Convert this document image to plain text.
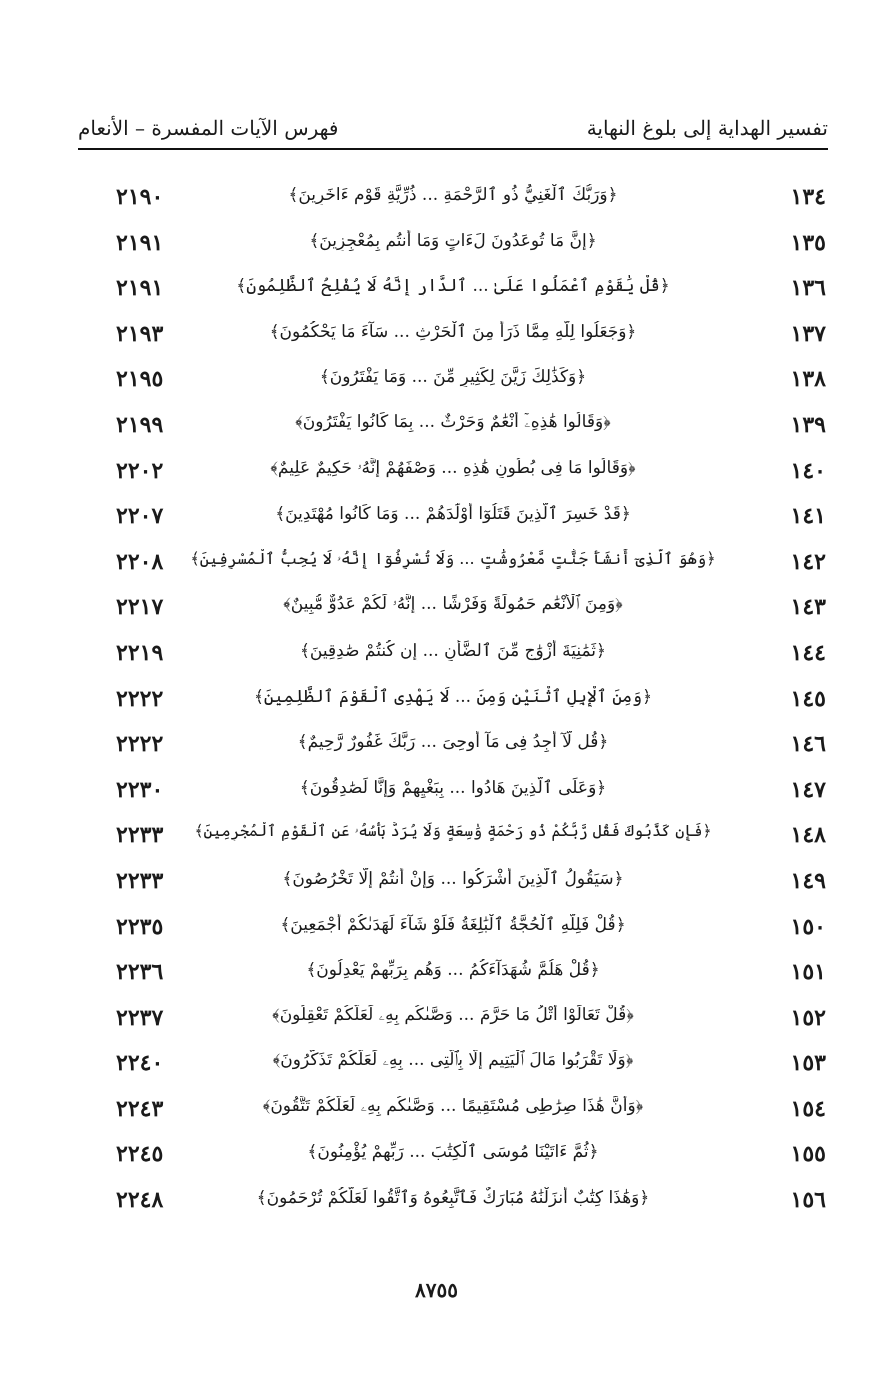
تفسير الهداية إلى بلوغ النهاية
فهرس الآيات المفسرة – الأنعام
١٣٤
﴿وَرَبُّكَ ٱلْغَنِيُّ ذُو ٱلرَّحْمَةِ ... ذُرِّيَّةِ قَوْمٍ ءَاخَرِينَ﴾
٢١٩٠
١٣٥
﴿إِنَّ مَا تُوعَدُونَ لَءَاتٍ وَمَا أَنتُم بِمُعْجِزِينَ﴾
٢١٩١
١٣٦
﴿قُلْ يَٰقَوْمِ ٱعْمَلُوا عَلَىٰ ... ٱلدَّارِ إِنَّهُ لَا يُفْلِحُ ٱلظَّٰلِمُونَ﴾
٢١٩١
١٣٧
﴿وَجَعَلُوا لِلَّهِ مِمَّا ذَرَأَ مِنَ ٱلْحَرْثِ ... سَآءَ مَا يَحْكُمُونَ﴾
٢١٩٣
١٣٨
﴿وَكَذَٰلِكَ زَيَّنَ لِكَثِيرٍ مِّنَ ... وَمَا يَفْتَرُونَ﴾
٢١٩٥
١٣٩
﴿وَقَالُوا هَٰذِهِۦٓ أَنْعَٰمٌ وَحَرْثٌ ... بِمَا كَانُوا يَفْتَرُونَ﴾
٢١٩٩
١٤٠
﴿وَقَالُوا مَا فِى بُطُونِ هَٰذِهِ ... وَصْفَهُمْ إِنَّهُۥ حَكِيمٌ عَلِيمٌ﴾
٢٢٠٢
١٤١
﴿قَدْ خَسِرَ ٱلَّذِينَ قَتَلُوٓا أَوْلَٰدَهُمْ ... وَمَا كَانُوا مُهْتَدِينَ﴾
٢٢٠٧
١٤٢
﴿وَهُوَ ٱلَّذِىٓ أَنشَأَ جَنَّٰتٍ مَّعْرُوشَٰتٍ ... وَلَا تُسْرِفُوٓا إِنَّهُۥ لَا يُحِبُّ ٱلْمُسْرِفِينَ﴾
٢٢٠٨
١٤٣
﴿وَمِنَ ٱلْأَنْعَٰمِ حَمُولَةً وَفَرْشًا ... إِنَّهُۥ لَكُمْ عَدُوٌّ مُّبِينٌ﴾
٢٢١٧
١٤٤
﴿ثَمَٰنِيَةَ أَزْوَٰجٍ مِّنَ ٱلضَّأْنِ ... إِن كُنتُمْ صَٰدِقِينَ﴾
٢٢١٩
١٤٥
﴿وَمِنَ ٱلْإِبِلِ ٱثْنَيْنِ وَمِنَ ... لَا يَهْدِى ٱلْقَوْمَ ٱلظَّٰلِمِينَ﴾
٢٢٢٢
١٤٦
﴿قُل لَّآ أَجِدُ فِى مَآ أُوحِىَ ... رَبَّكَ غَفُورٌ رَّحِيمٌ﴾
٢٢٢٢
١٤٧
﴿وَعَلَى ٱلَّذِينَ هَادُوا ... بِبَغْيِهِمْ وَإِنَّا لَصَٰدِقُونَ﴾
٢٢٣٠
١٤٨
﴿فَإِن كَذَّبُوكَ فَقُل رَّبُّكُمْ ذُو رَحْمَةٍ وَٰسِعَةٍ وَلَا يُرَدُّ بَأْسُهُۥ عَنِ ٱلْقَوْمِ ٱلْمُجْرِمِينَ﴾
٢٢٣٣
١٤٩
﴿سَيَقُولُ ٱلَّذِينَ أَشْرَكُوا ... وَإِنْ أَنتُمْ إِلَّا تَخْرُصُونَ﴾
٢٢٣٣
١٥٠
﴿قُلْ فَلِلَّهِ ٱلْحُجَّةُ ٱلْبَٰلِغَةُ فَلَوْ شَآءَ لَهَدَىٰكُمْ أَجْمَعِينَ﴾
٢٢٣٥
١٥١
﴿قُلْ هَلُمَّ شُهَدَآءَكُمُ ... وَهُم بِرَبِّهِمْ يَعْدِلُونَ﴾
٢٢٣٦
١٥٢
﴿قُلْ تَعَالَوْا أَتْلُ مَا حَرَّمَ ... وَصَّىٰكُم بِهِۦ لَعَلَّكُمْ تَعْقِلُونَ﴾
٢٢٣٧
١٥٣
﴿وَلَا تَقْرَبُوا مَالَ ٱلْيَتِيمِ إِلَّا بِٱلَّتِى ... بِهِۦ لَعَلَّكُمْ تَذَكَّرُونَ﴾
٢٢٤٠
١٥٤
﴿وَأَنَّ هَٰذَا صِرَٰطِى مُسْتَقِيمًا ... وَصَّىٰكُم بِهِۦ لَعَلَّكُمْ تَتَّقُونَ﴾
٢٢٤٣
١٥٥
﴿ثُمَّ ءَاتَيْنَا مُوسَى ٱلْكِتَٰبَ ... رَبِّهِمْ يُؤْمِنُونَ﴾
٢٢٤٥
١٥٦
﴿وَهَٰذَا كِتَٰبٌ أَنزَلْنَٰهُ مُبَارَكٌ فَٱتَّبِعُوهُ وَٱتَّقُوا لَعَلَّكُمْ تُرْحَمُونَ﴾
٢٢٤٨
٨٧٥٥
